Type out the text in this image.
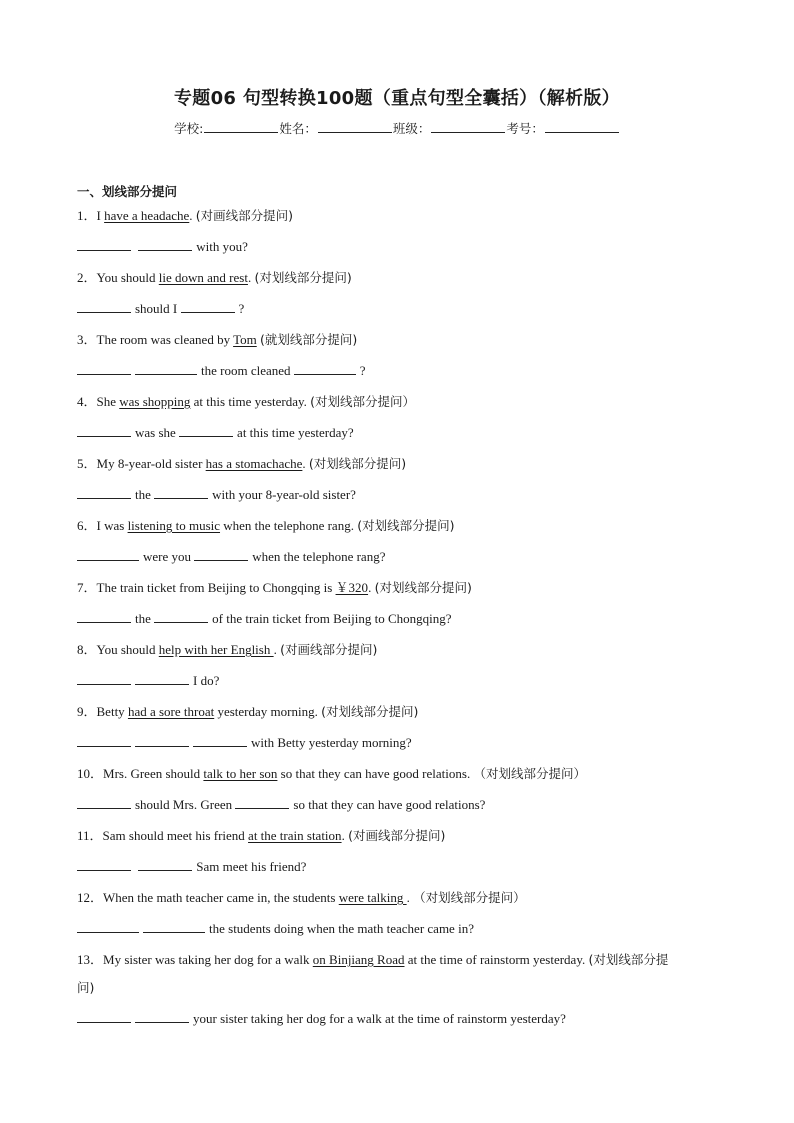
专题06 句型转换100题（重点句型全囊括）（解析版）
学校:	姓名：	班级：	考号：
一、划线部分提问
1．I have a headache. (对画线部分提问)
with you?
2．You should lie down and rest. (对划线部分提问)
should I	?
3．The room was cleaned by Tom (就划线部分提问)
the room cleaned	?
4．She was shopping at this time yesterday. (对划线部分提问）
was she	at this time yesterday?
5．My 8-year-old sister has a stomachache. (对划线部分提问)
the	with your 8-year-old sister?
6．I was listening to music when the telephone rang. (对划线部分提问)
were you	when the telephone rang?
7．The train ticket from Beijing to Chongqing is ￥320. (对划线部分提问)
the	of the train ticket from Beijing to Chongqing?
8．You should help with her English . (对画线部分提问)
I do?
9．Betty had a sore throat yesterday morning. (对划线部分提问)
with Betty yesterday morning?
10．Mrs. Green should talk to her son so that they can have good relations. （对划线部分提问）
should Mrs. Green	so that they can have good relations?
11．Sam should meet his friend at the train station. (对画线部分提问)
Sam meet his friend?
12．When the math teacher came in, the students were talking . （对划线部分提问）
the students doing when the math teacher came in?
13．My sister was taking her dog for a walk on Binjiang Road at the time of rainstorm yesterday. (对划线部分提
问)
your sister taking her dog for a walk at the time of rainstorm yesterday?
